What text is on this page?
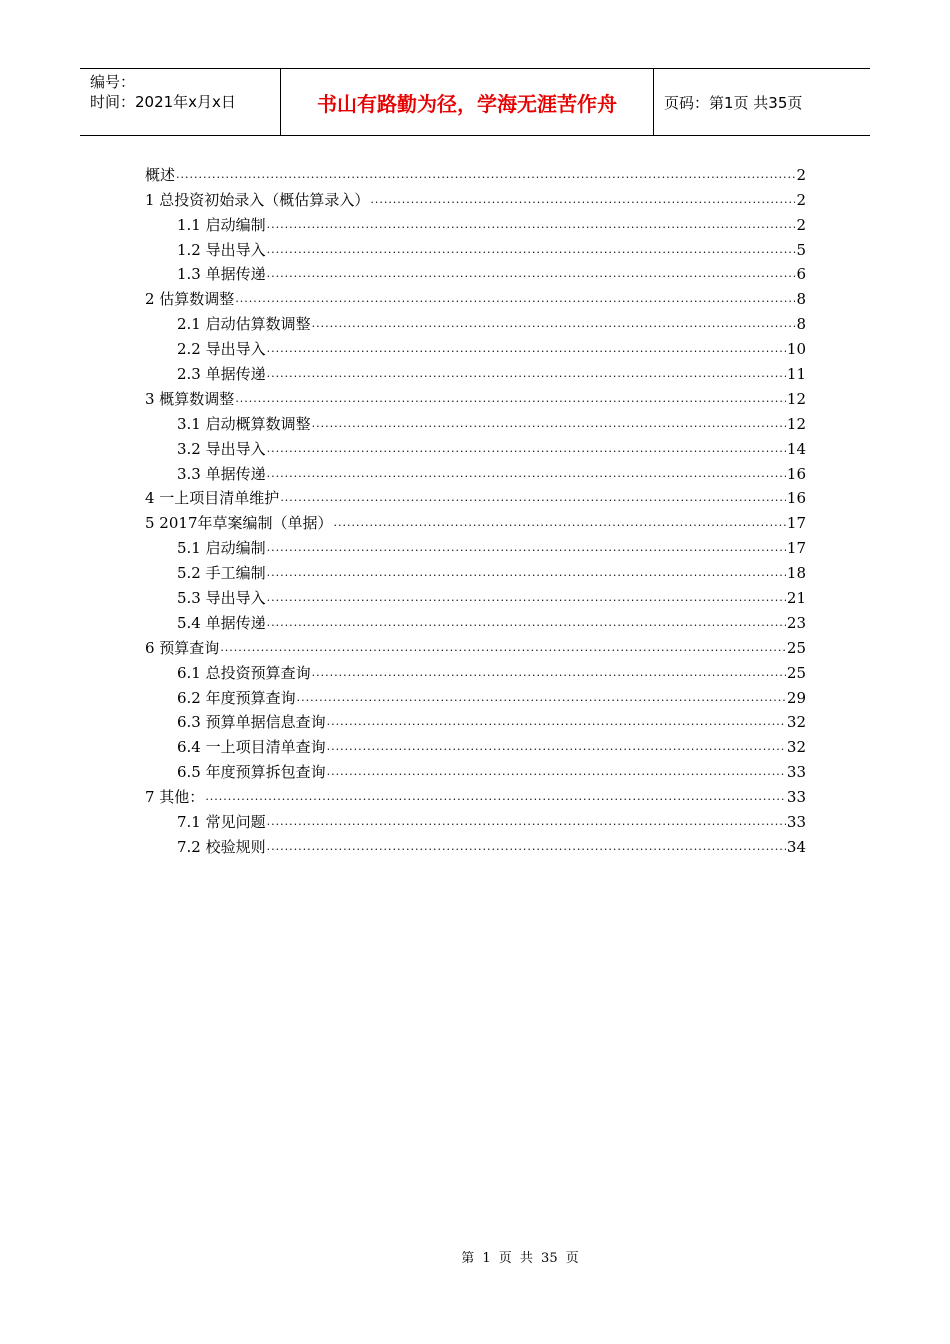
编号：
时间：2021年x月x日	书山有路勤为径，学海无涯苦作舟	页码：第1页 共35页
概述 .....	2
1 总投资初始录入（概估算录入） .....	2
1.1 启动编制 .....	2
1.2 导出导入 .....	5
1.3 单据传递 .....	6
2 估算数调整 .....	8
2.1 启动估算数调整 .....	8
2.2 导出导入 .....	10
2.3 单据传递 .....	11
3 概算数调整 .....	12
3.1 启动概算数调整 .....	12
3.2 导出导入 .....	14
3.3 单据传递 .....	16
4 一上项目清单维护 .....	16
5 2017年草案编制（单据） .....	17
5.1 启动编制 .....	17
5.2 手工编制 .....	18
5.3 导出导入 .....	21
5.4 单据传递 .....	23
6 预算查询 .....	25
6.1 总投资预算查询 .....	25
6.2 年度预算查询 .....	29
6.3 预算单据信息查询 .....	32
6.4 一上项目清单查询 .....	32
6.5 年度预算拆包查询 .....	33
7 其他： .....	33
7.1 常见问题 .....	33
7.2 校验规则 .....	34
第 1 页 共 35 页
